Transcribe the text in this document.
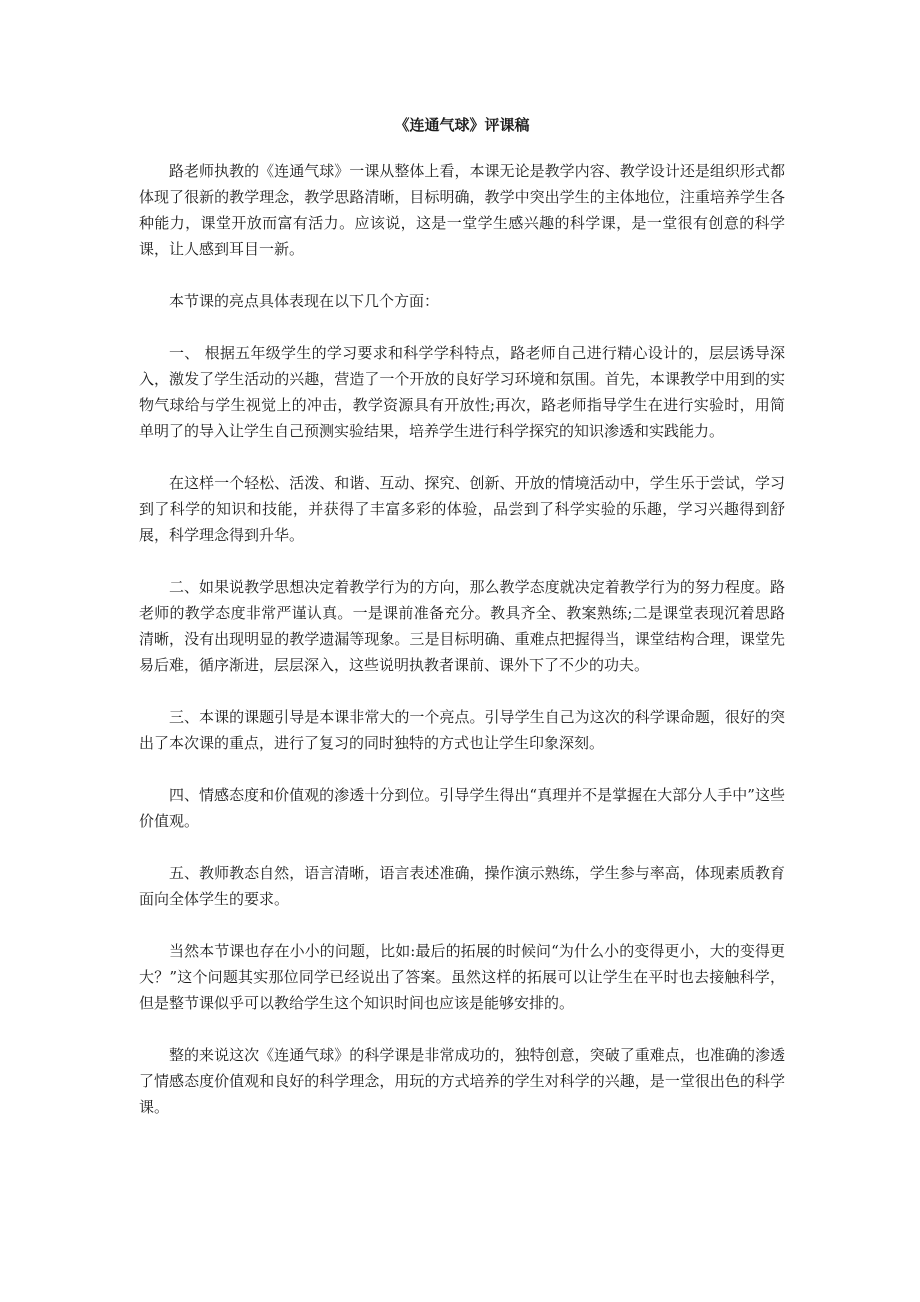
《连通气球》评课稿

路老师执教的《连通气球》一课从整体上看，本课无论是教学内容、教学设计还是组织形式都体现了很新的教学理念，教学思路清晰，目标明确，教学中突出学生的主体地位，注重培养学生各种能力，课堂开放而富有活力。应该说，这是一堂学生感兴趣的科学课，是一堂很有创意的科学课，让人感到耳目一新。

本节课的亮点具体表现在以下几个方面：

一、 根据五年级学生的学习要求和科学学科特点，路老师自己进行精心设计的，层层诱导深入，激发了学生活动的兴趣，营造了一个开放的良好学习环境和氛围。首先，本课教学中用到的实物气球给与学生视觉上的冲击，教学资源具有开放性;再次，路老师指导学生在进行实验时，用简单明了的导入让学生自己预测实验结果，培养学生进行科学探究的知识渗透和实践能力。

在这样一个轻松、活泼、和谐、互动、探究、创新、开放的情境活动中，学生乐于尝试，学习到了科学的知识和技能，并获得了丰富多彩的体验，品尝到了科学实验的乐趣，学习兴趣得到舒展，科学理念得到升华。

二、如果说教学思想决定着教学行为的方向，那么教学态度就决定着教学行为的努力程度。路老师的教学态度非常严谨认真。一是课前准备充分。教具齐全、教案熟练;二是课堂表现沉着思路清晰，没有出现明显的教学遗漏等现象。三是目标明确、重难点把握得当，课堂结构合理，课堂先易后难，循序渐进，层层深入，这些说明执教者课前、课外下了不少的功夫。

三、本课的课题引导是本课非常大的一个亮点。引导学生自己为这次的科学课命题，很好的突出了本次课的重点，进行了复习的同时独特的方式也让学生印象深刻。

四、情感态度和价值观的渗透十分到位。引导学生得出“真理并不是掌握在大部分人手中”这些价值观。

五、教师教态自然，语言清晰，语言表述准确，操作演示熟练，学生参与率高，体现素质教育面向全体学生的要求。

当然本节课也存在小小的问题，比如:最后的拓展的时候问“为什么小的变得更小，大的变得更大？”这个问题其实那位同学已经说出了答案。虽然这样的拓展可以让学生在平时也去接触科学，但是整节课似乎可以教给学生这个知识时间也应该是能够安排的。

整的来说这次《连通气球》的科学课是非常成功的，独特创意，突破了重难点，也准确的渗透了情感态度价值观和良好的科学理念，用玩的方式培养的学生对科学的兴趣，是一堂很出色的科学课。
